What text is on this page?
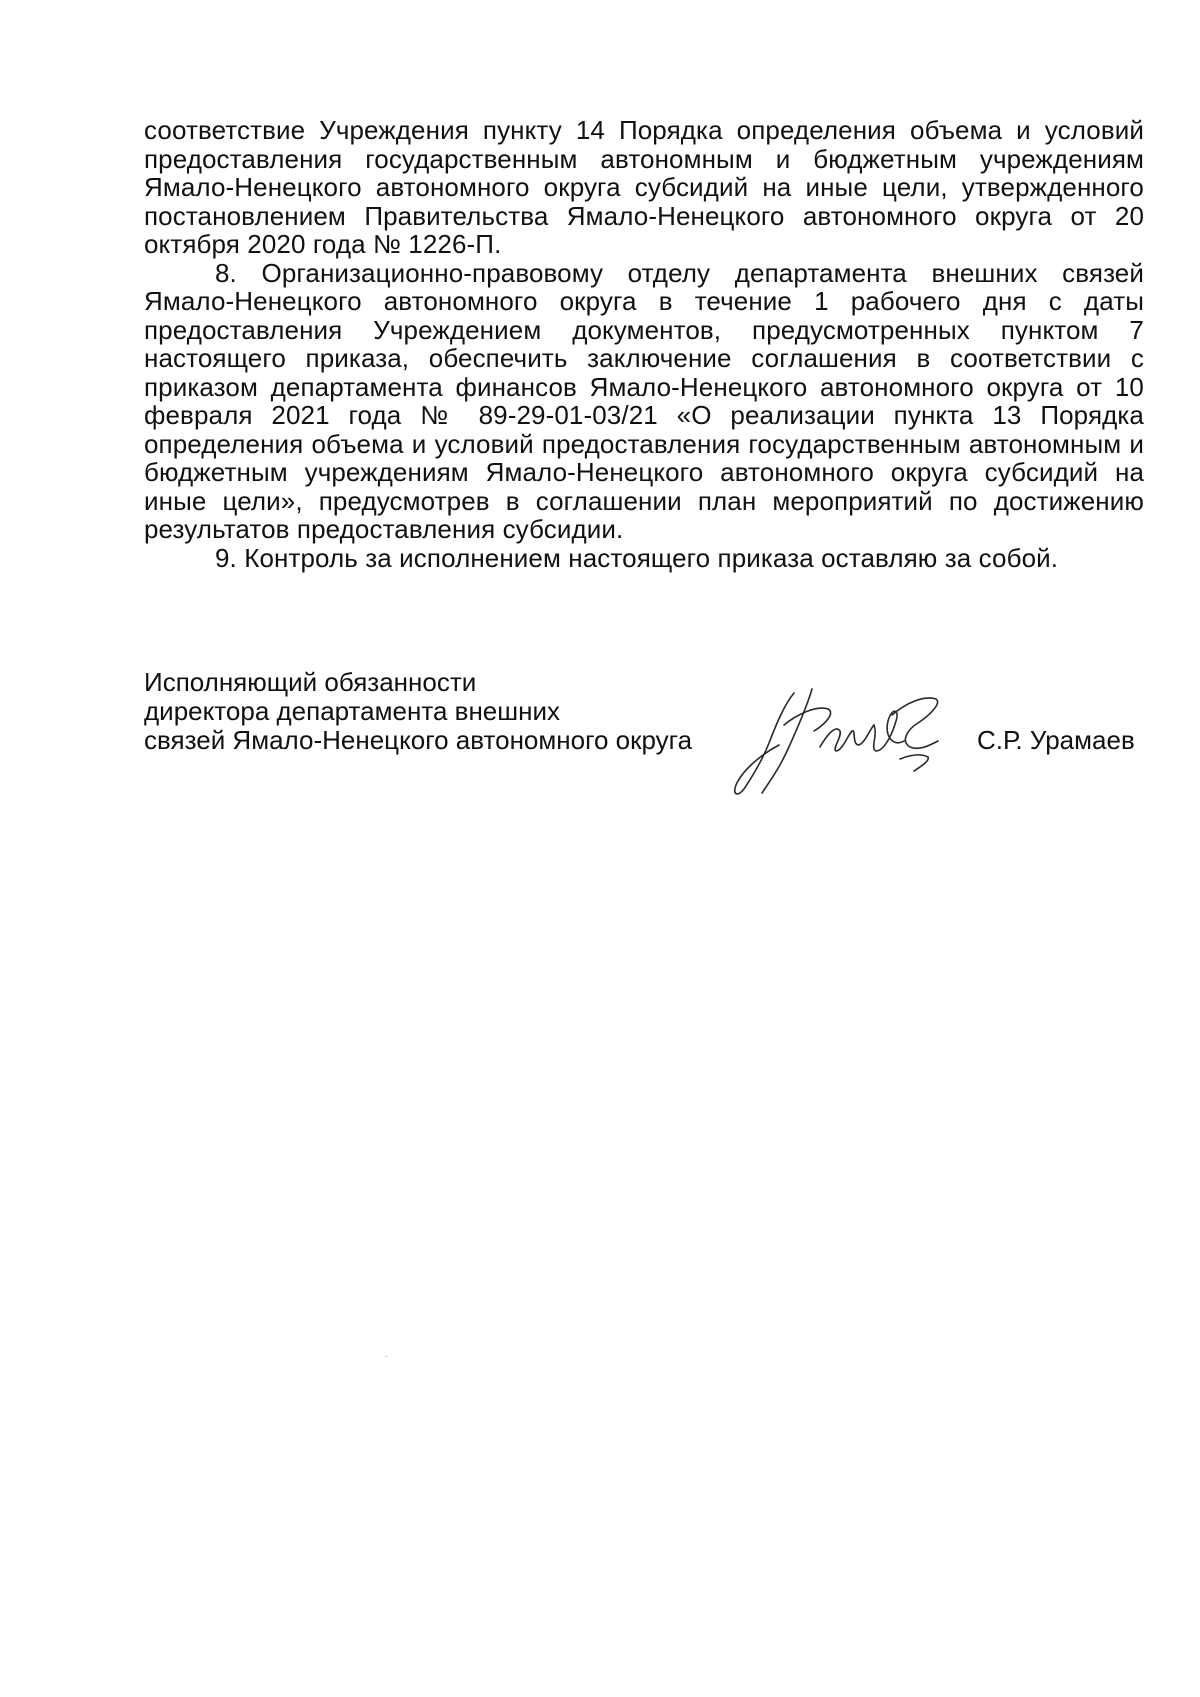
соответствие Учреждения пункту 14 Порядка определения объема и условий предоставления государственным автономным и бюджетным учреждениям Ямало-Ненецкого автономного округа субсидий на иные цели, утвержденного постановлением Правительства Ямало-Ненецкого автономного округа от 20 октября 2020 года № 1226-П.

8. Организационно-правовому отделу департамента внешних связей Ямало-Ненецкого автономного округа в течение 1 рабочего дня с даты предоставления Учреждением документов, предусмотренных пунктом 7 настоящего приказа, обеспечить заключение соглашения в соответствии с приказом департамента финансов Ямало-Ненецкого автономного округа от 10 февраля 2021 года № 89-29-01-03/21 «О реализации пункта 13 Порядка определения объема и условий предоставления государственным автономным и бюджетным учреждениям Ямало-Ненецкого автономного округа субсидий на иные цели», предусмотрев в соглашении план мероприятий по достижению результатов предоставления субсидии.

9. Контроль за исполнением настоящего приказа оставляю за собой.

Исполняющий обязанности
директора департамента внешних
связей Ямало-Ненецкого автономного округа	С.Р. Урамаев
